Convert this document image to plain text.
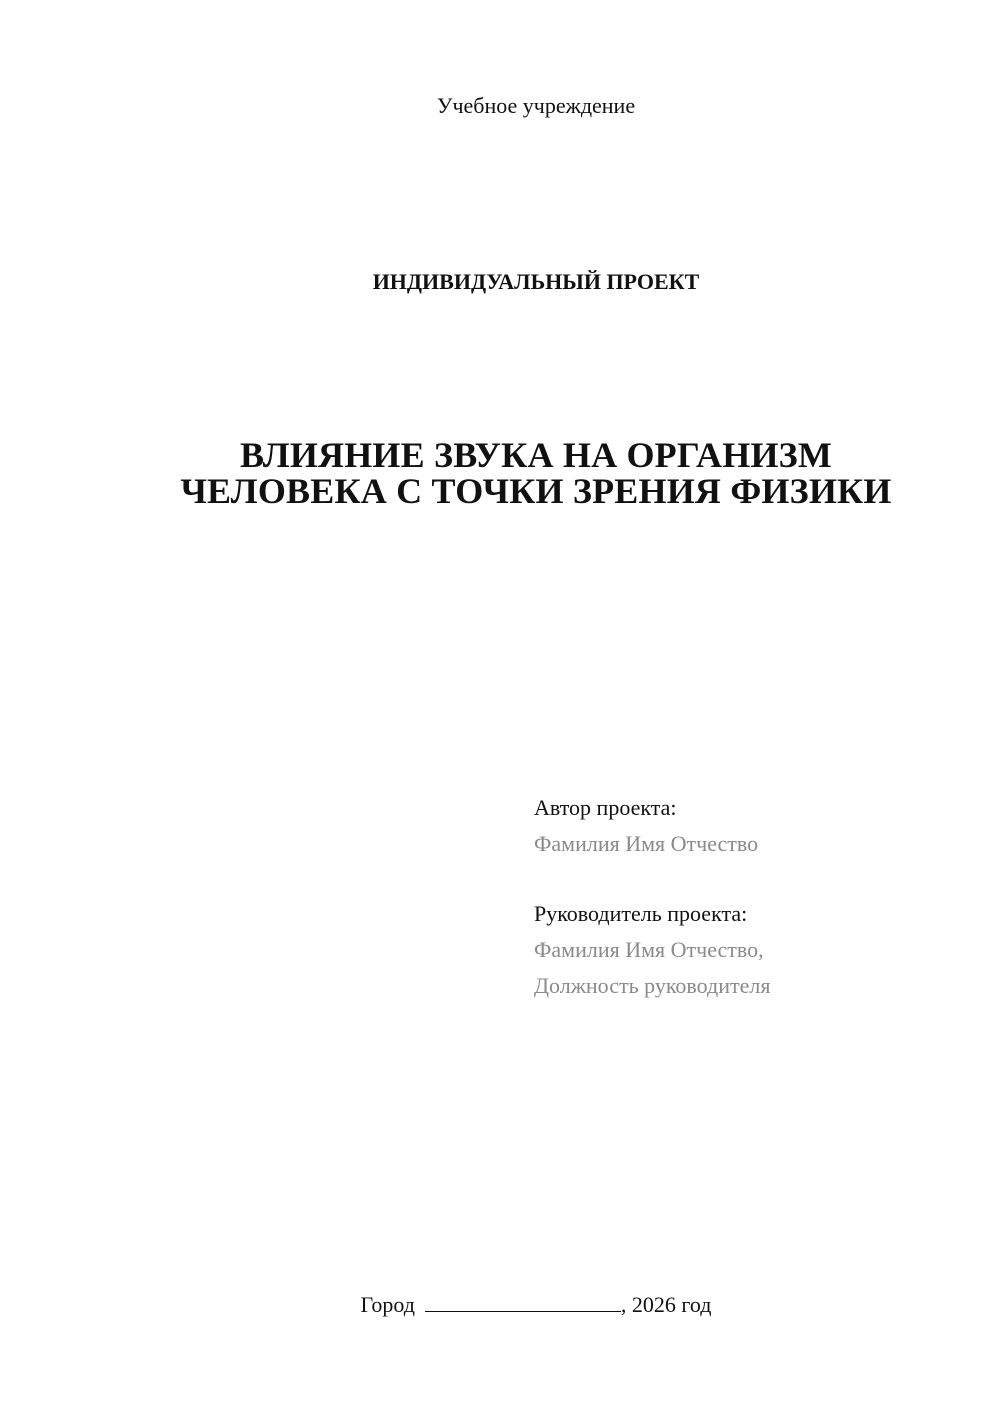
Учебное учреждение
ИНДИВИДУАЛЬНЫЙ ПРОЕКТ
ВЛИЯНИЕ ЗВУКА НА ОРГАНИЗМ
ЧЕЛОВЕКА С ТОЧКИ ЗРЕНИЯ ФИЗИКИ
Автор проекта:
Фамилия Имя Отчество
Руководитель проекта:
Фамилия Имя Отчество,
Должность руководителя
Город	, 2026 год
